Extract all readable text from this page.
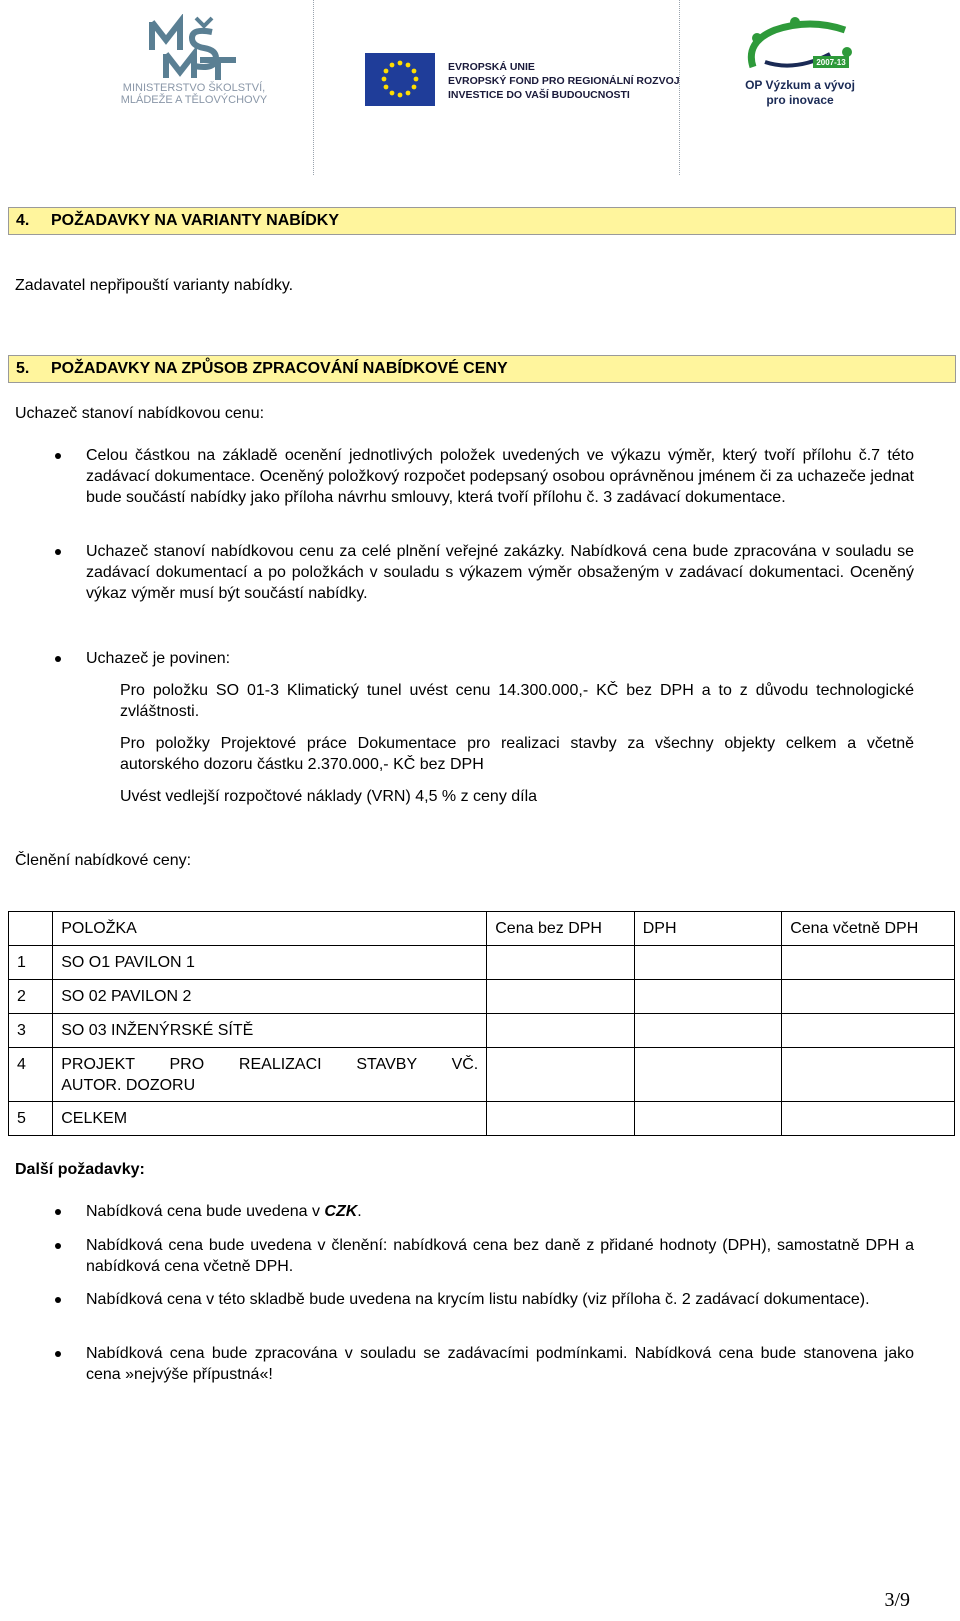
MINISTERSTVO ŠKOLSTVÍ,
MLÁDEŽE A TĚLOVÝCHOVY
EVROPSKÁ UNIE
EVROPSKÝ FOND PRO REGIONÁLNÍ ROZVOJ
INVESTICE DO VAŠÍ BUDOUCNOSTI
2007-13
OP Výzkum a vývoj
pro inovace
4. POŽADAVKY NA VARIANTY NABÍDKY
Zadavatel nepřipouští varianty nabídky.
5. POŽADAVKY NA ZPŮSOB ZPRACOVÁNÍ NABÍDKOVÉ CENY
Uchazeč stanoví nabídkovou cenu:
Celou částkou na základě ocenění jednotlivých položek uvedených ve výkazu výměr, který tvoří přílohu č.7 této zadávací dokumentace. Oceněný položkový rozpočet podepsaný osobou oprávněnou jménem či za uchazeče jednat bude součástí nabídky jako příloha návrhu smlouvy, která tvoří přílohu č. 3 zadávací dokumentace.
Uchazeč stanoví nabídkovou cenu za celé plnění veřejné zakázky. Nabídková cena bude zpracována v souladu se zadávací dokumentací a po položkách v souladu s výkazem výměr obsaženým v zadávací dokumentaci. Oceněný výkaz výměr musí být součástí nabídky.
Uchazeč je povinen:
Pro položku SO 01-3 Klimatický tunel uvést cenu 14.300.000,- KČ bez DPH a to z důvodu technologické zvláštnosti.
Pro položky Projektové práce Dokumentace pro realizaci stavby za všechny objekty celkem a včetně autorského dozoru částku 2.370.000,- KČ bez DPH
Uvést vedlejší rozpočtové náklady (VRN) 4,5 % z ceny díla
Členění nabídkové ceny:
	POLOŽKA	Cena bez DPH	DPH	Cena včetně DPH
1	SO O1 PAVILON 1			
2	SO 02 PAVILON 2			
3	SO 03 INŽENÝRSKÉ SÍTĚ			
4	PROJEKT PRO REALIZACI STAVBY VČ.
AUTOR. DOZORU			

5	CELKEM			
Další požadavky:
Nabídková cena bude uvedena v CZK.
Nabídková cena bude uvedena v členění: nabídková cena bez daně z přidané hodnoty (DPH), samostatně DPH a nabídková cena včetně DPH.
Nabídková cena v této skladbě bude uvedena na krycím listu nabídky (viz příloha č. 2 zadávací dokumentace).
Nabídková cena bude zpracována v souladu se zadávacími podmínkami. Nabídková cena bude stanovena jako cena »nejvýše přípustná«!
3/9
